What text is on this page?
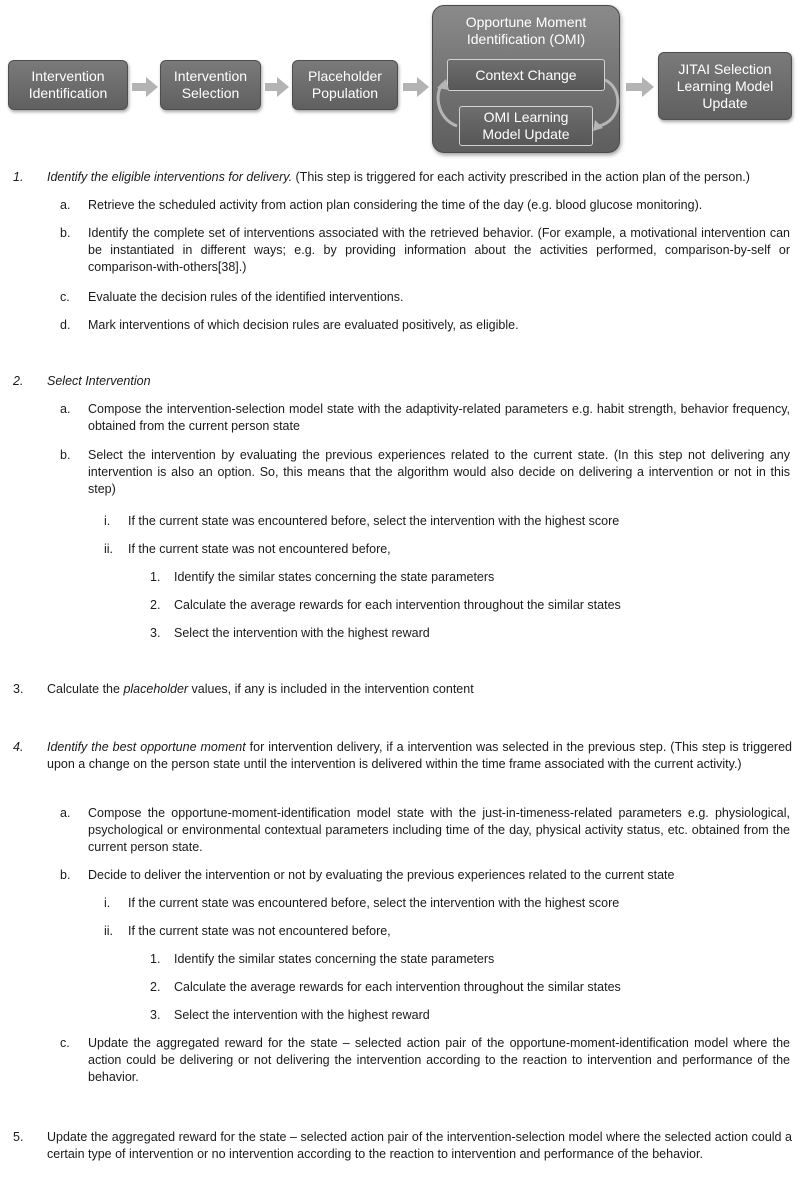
Intervention
Identification
Intervention
Selection
Placeholder
Population
Opportune Moment
Identification (OMI)
Context Change
OMI Learning
Model Update
JITAI Selection
Learning Model
Update
1. Identify the eligible interventions for delivery. (This step is triggered for each activity prescribed in the action plan of the person.)

a. Retrieve the scheduled activity from action plan considering the time of the day (e.g. blood glucose monitoring).

b. Identify the complete set of interventions associated with the retrieved behavior. (For example, a motivational intervention can be instantiated in different ways; e.g. by providing information about the activities performed, comparison-by-self or comparison-with-others[38].)

c. Evaluate the decision rules of the identified interventions.

d. Mark interventions of which decision rules are evaluated positively, as eligible.

2. Select Intervention

a. Compose the intervention-selection model state with the adaptivity-related parameters e.g. habit strength, behavior frequency, obtained from the current person state

b. Select the intervention by evaluating the previous experiences related to the current state. (In this step not delivering any intervention is also an option. So, this means that the algorithm would also decide on delivering a intervention or not in this step)

i. If the current state was encountered before, select the intervention with the highest score

ii. If the current state was not encountered before,

1. Identify the similar states concerning the state parameters

2. Calculate the average rewards for each intervention throughout the similar states

3. Select the intervention with the highest reward

3. Calculate the placeholder values, if any is included in the intervention content

4. Identify the best opportune moment for intervention delivery, if a intervention was selected in the previous step. (This step is triggered upon a change on the person state until the intervention is delivered within the time frame associated with the current activity.)

a. Compose the opportune-moment-identification model state with the just-in-timeness-related parameters e.g. physiological, psychological or environmental contextual parameters including time of the day, physical activity status, etc. obtained from the current person state.

b. Decide to deliver the intervention or not by evaluating the previous experiences related to the current state

i. If the current state was encountered before, select the intervention with the highest score

ii. If the current state was not encountered before,

1. Identify the similar states concerning the state parameters

2. Calculate the average rewards for each intervention throughout the similar states

3. Select the intervention with the highest reward

c. Update the aggregated reward for the state – selected action pair of the opportune-moment-identification model where the action could be delivering or not delivering the intervention according to the reaction to intervention and performance of the behavior.

5. Update the aggregated reward for the state – selected action pair of the intervention-selection model where the selected action could a certain type of intervention or no intervention according to the reaction to intervention and performance of the behavior.
